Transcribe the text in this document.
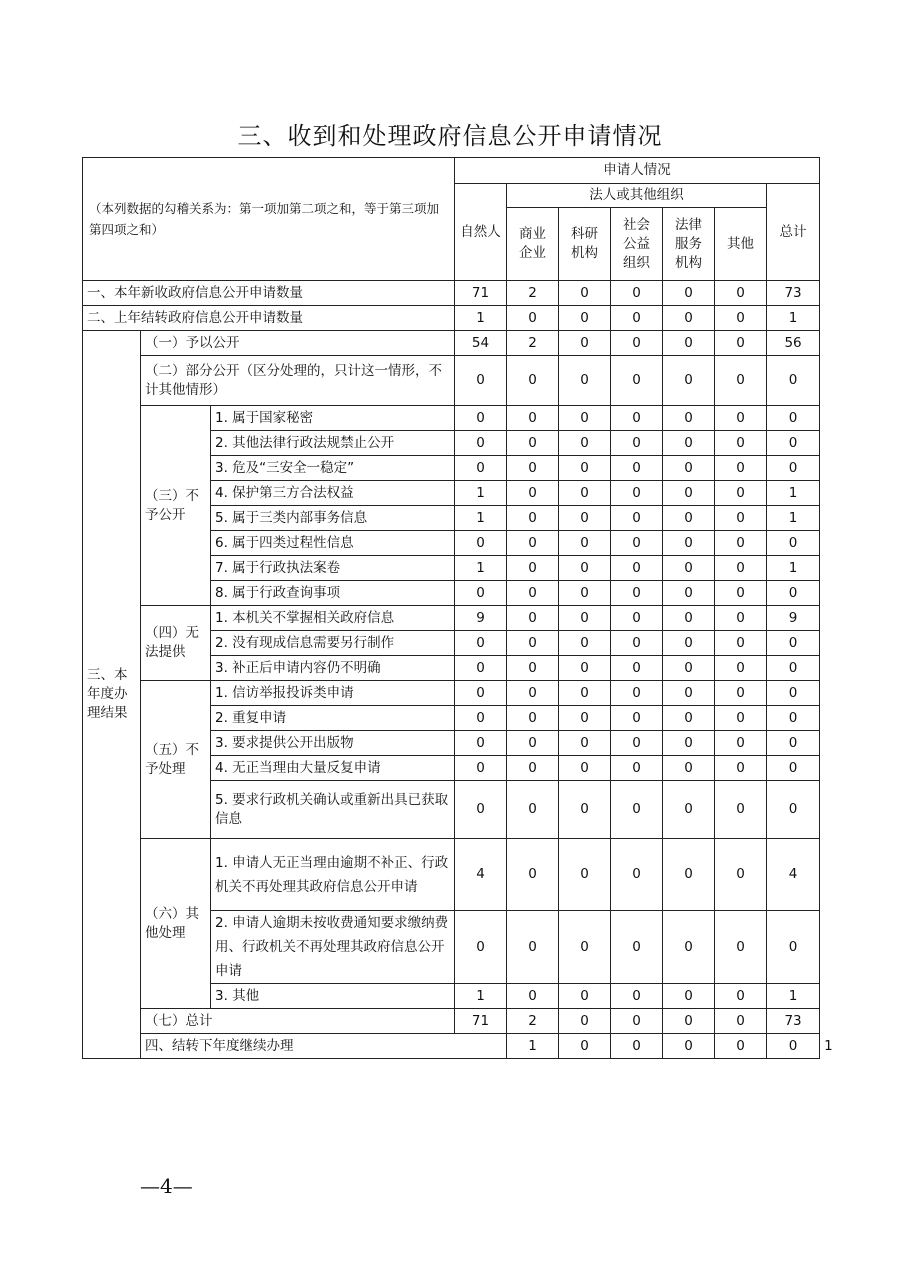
三、收到和处理政府信息公开申请情况
（本列数据的勾稽关系为：第一项加第二项之和，等于第三项加第四项之和）			申请人情况							
			自然人	法人或其他组织					总计	
				商业企业	科研机构	社会公益组织	法律服务机构	其他		
一、本年新收政府信息公开申请数量			71	2	0	0	0	0	73	
二、上年结转政府信息公开申请数量			1	0	0	0	0	0	1	
三、本年度办理结果	（一）予以公开		54	2	0	0	0	0	56	
	（二）部分公开（区分处理的，只计这一情形，不计其他情形）		0	0	0	0	0	0	0	
	（三）不予公开	1. 属于国家秘密	0	0	0	0	0	0	0	
		2. 其他法律行政法规禁止公开	0	0	0	0	0	0	0	
		3. 危及“三安全一稳定”	0	0	0	0	0	0	0	
		4. 保护第三方合法权益	1	0	0	0	0	0	1	
		5. 属于三类内部事务信息	1	0	0	0	0	0	1	
		6. 属于四类过程性信息	0	0	0	0	0	0	0	
		7. 属于行政执法案卷	1	0	0	0	0	0	1	
		8. 属于行政查询事项	0	0	0	0	0	0	0	
	（四）无法提供	1. 本机关不掌握相关政府信息	9	0	0	0	0	0	9	
		2. 没有现成信息需要另行制作	0	0	0	0	0	0	0	
		3. 补正后申请内容仍不明确	0	0	0	0	0	0	0	
	（五）不予处理	1. 信访举报投诉类申请	0	0	0	0	0	0	0	
		2. 重复申请	0	0	0	0	0	0	0	
		3. 要求提供公开出版物	0	0	0	0	0	0	0	
		4. 无正当理由大量反复申请	0	0	0	0	0	0	0	
		5. 要求行政机关确认或重新出具已获取信息	0	0	0	0	0	0	0	
	（六）其他处理	1. 申请人无正当理由逾期不补正、行政机关不再处理其政府信息公开申请	4	0	0	0	0	0	4	
		2. 申请人逾期未按收费通知要求缴纳费用、行政机关不再处理其政府信息公开申请	0	0	0	0	0	0	0	
		3. 其他	1	0	0	0	0	0	1	
	（七）总计		71	2	0	0	0	0	73	
	四、结转下年度继续办理			1	0	0	0	0	0	1
—4—
